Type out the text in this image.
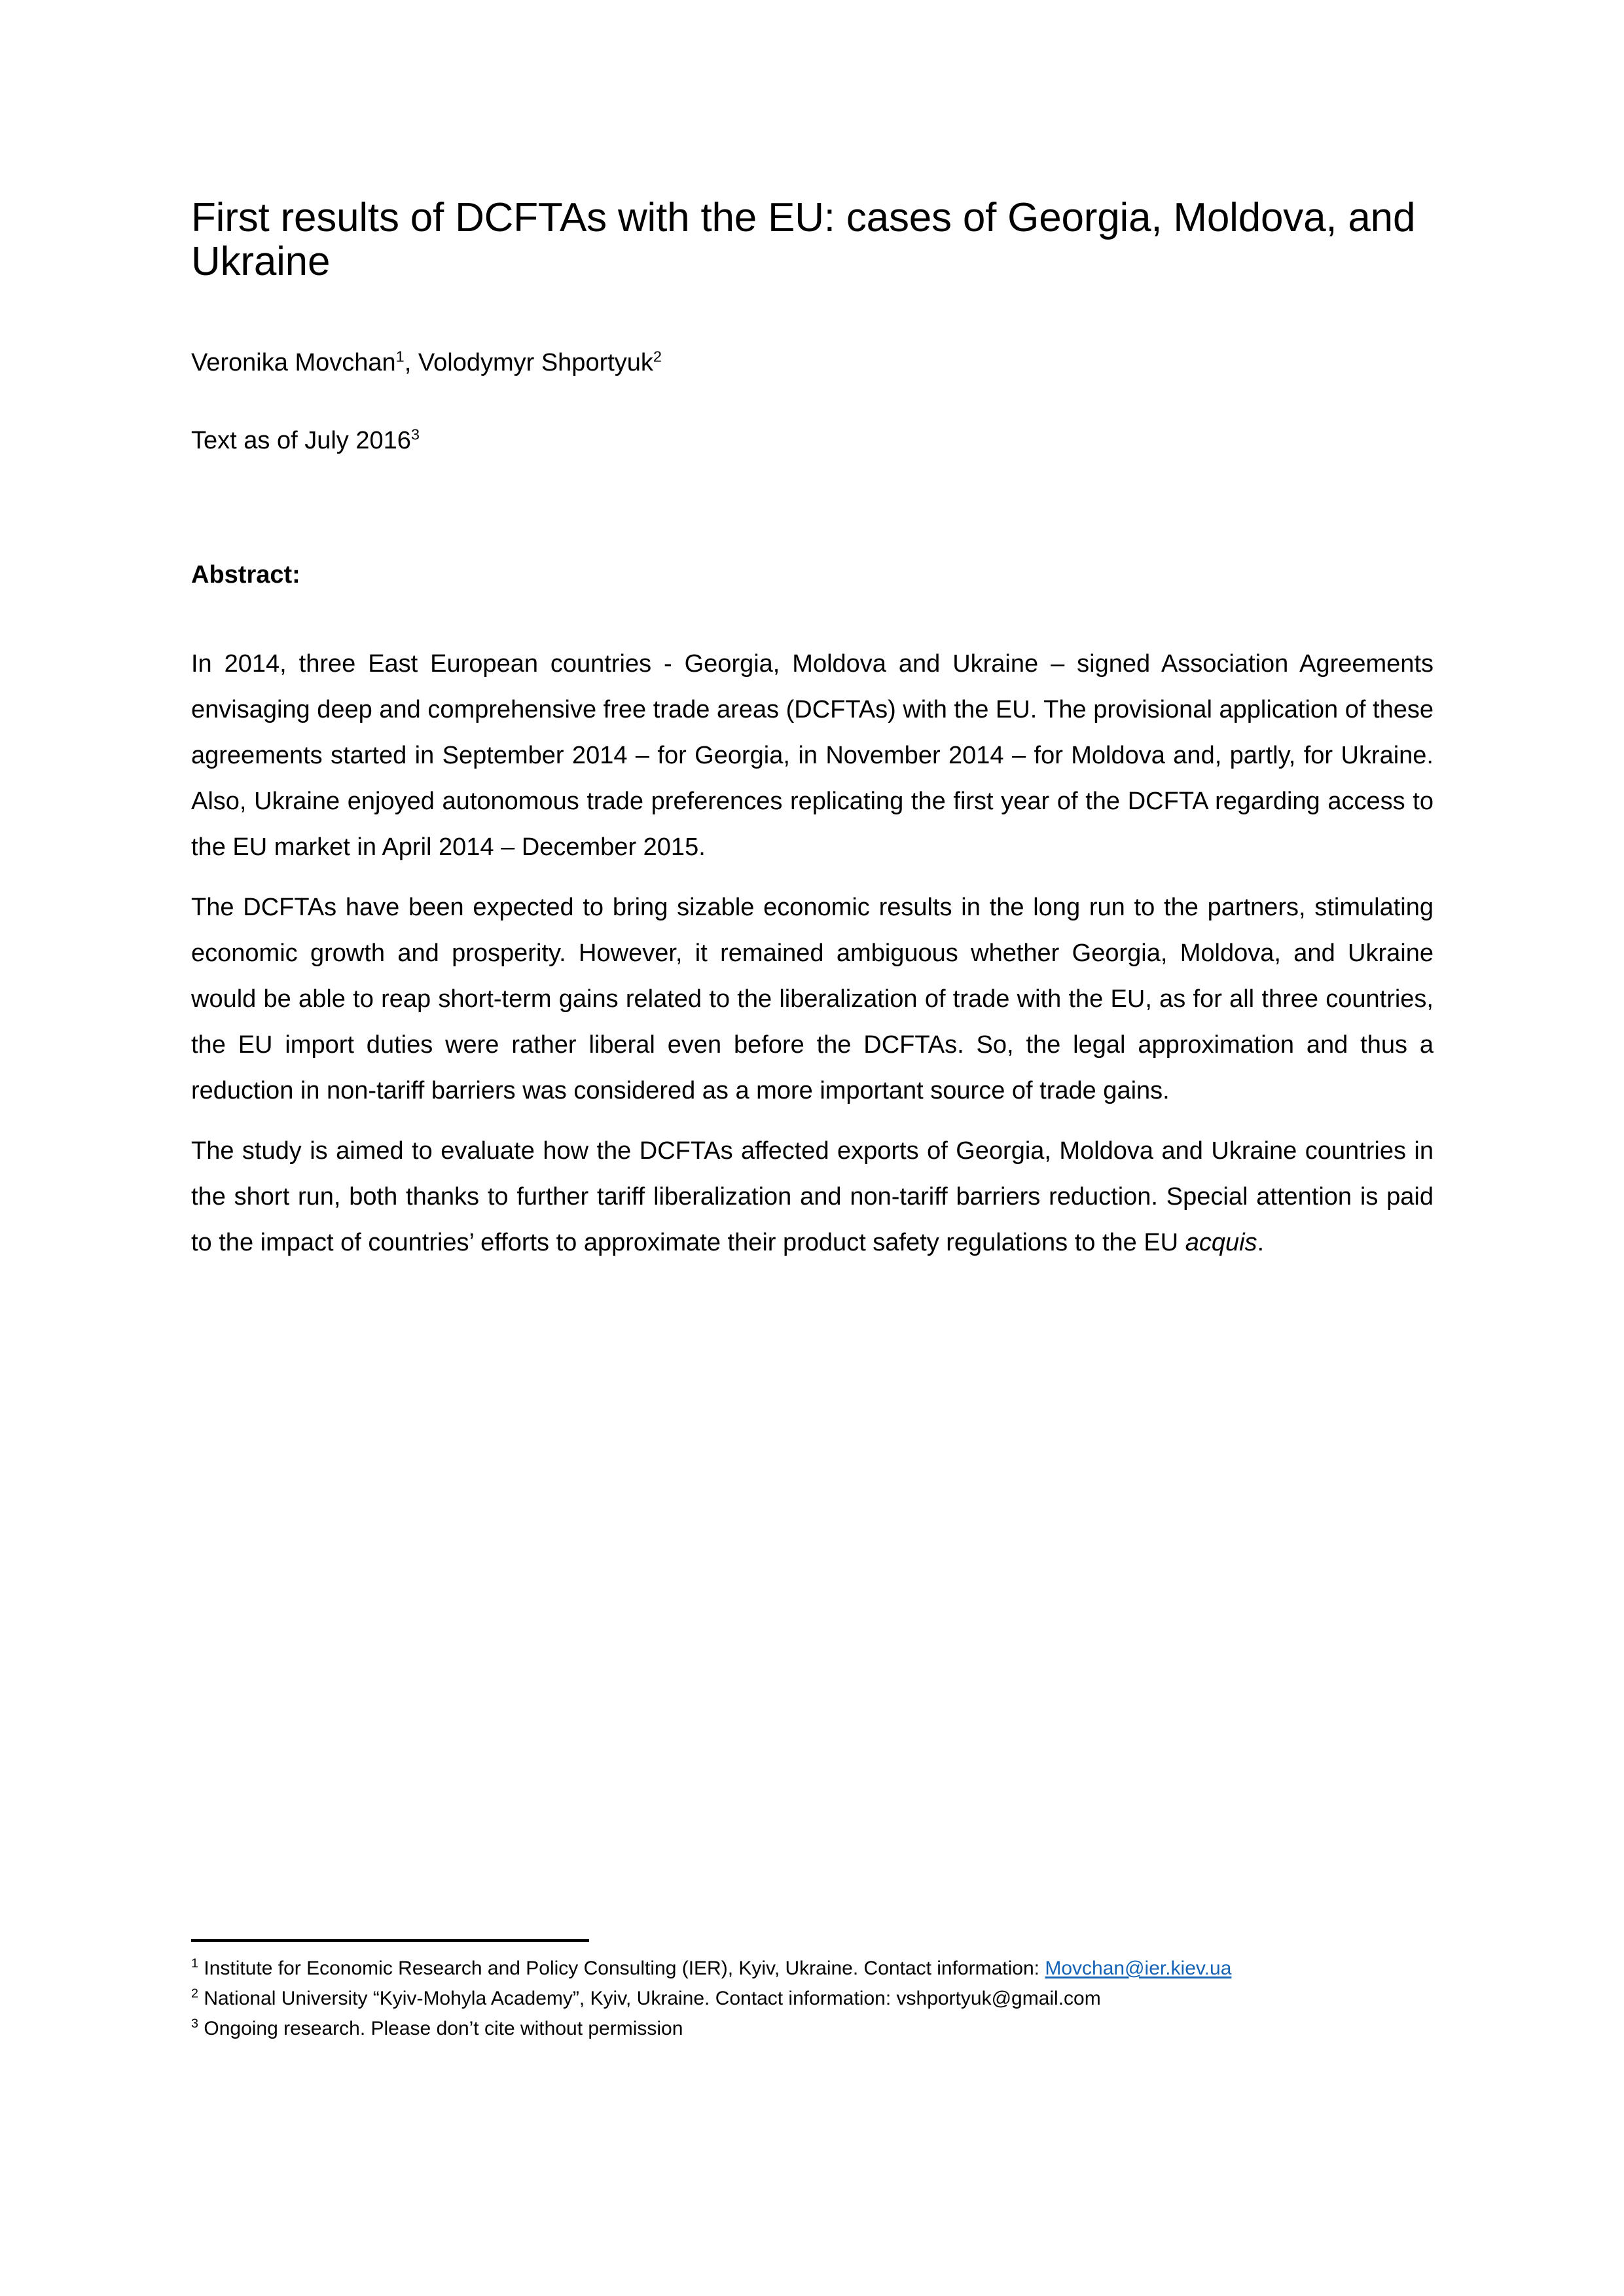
First results of DCFTAs with the EU: cases of Georgia, Moldova, and Ukraine

Veronika Movchan$^1$, Volodymyr Shportyuk$^2$

Text as of July 2016$^3$

Abstract:

In 2014, three East European countries - Georgia, Moldova and Ukraine – signed Association Agreements envisaging deep and comprehensive free trade areas (DCFTAs) with the EU. The provisional application of these agreements started in September 2014 – for Georgia, in November 2014 – for Moldova and, partly, for Ukraine. Also, Ukraine enjoyed autonomous trade preferences replicating the first year of the DCFTA regarding access to the EU market in April 2014 – December 2015.

The DCFTAs have been expected to bring sizable economic results in the long run to the partners, stimulating economic growth and prosperity. However, it remained ambiguous whether Georgia, Moldova, and Ukraine would be able to reap short-term gains related to the liberalization of trade with the EU, as for all three countries, the EU import duties were rather liberal even before the DCFTAs. So, the legal approximation and thus a reduction in non-tariff barriers was considered as a more important source of trade gains.

The study is aimed to evaluate how the DCFTAs affected exports of Georgia, Moldova and Ukraine countries in the short run, both thanks to further tariff liberalization and non-tariff barriers reduction. Special attention is paid to the impact of countries’ efforts to approximate their product safety regulations to the EU acquis.

$^1$ Institute for Economic Research and Policy Consulting (IER), Kyiv, Ukraine. Contact information: Movchan@ier.kiev.ua

$^2$ National University “Kyiv-Mohyla Academy”, Kyiv, Ukraine. Contact information: vshportyuk@gmail.com

$^3$ Ongoing research. Please don’t cite without permission
